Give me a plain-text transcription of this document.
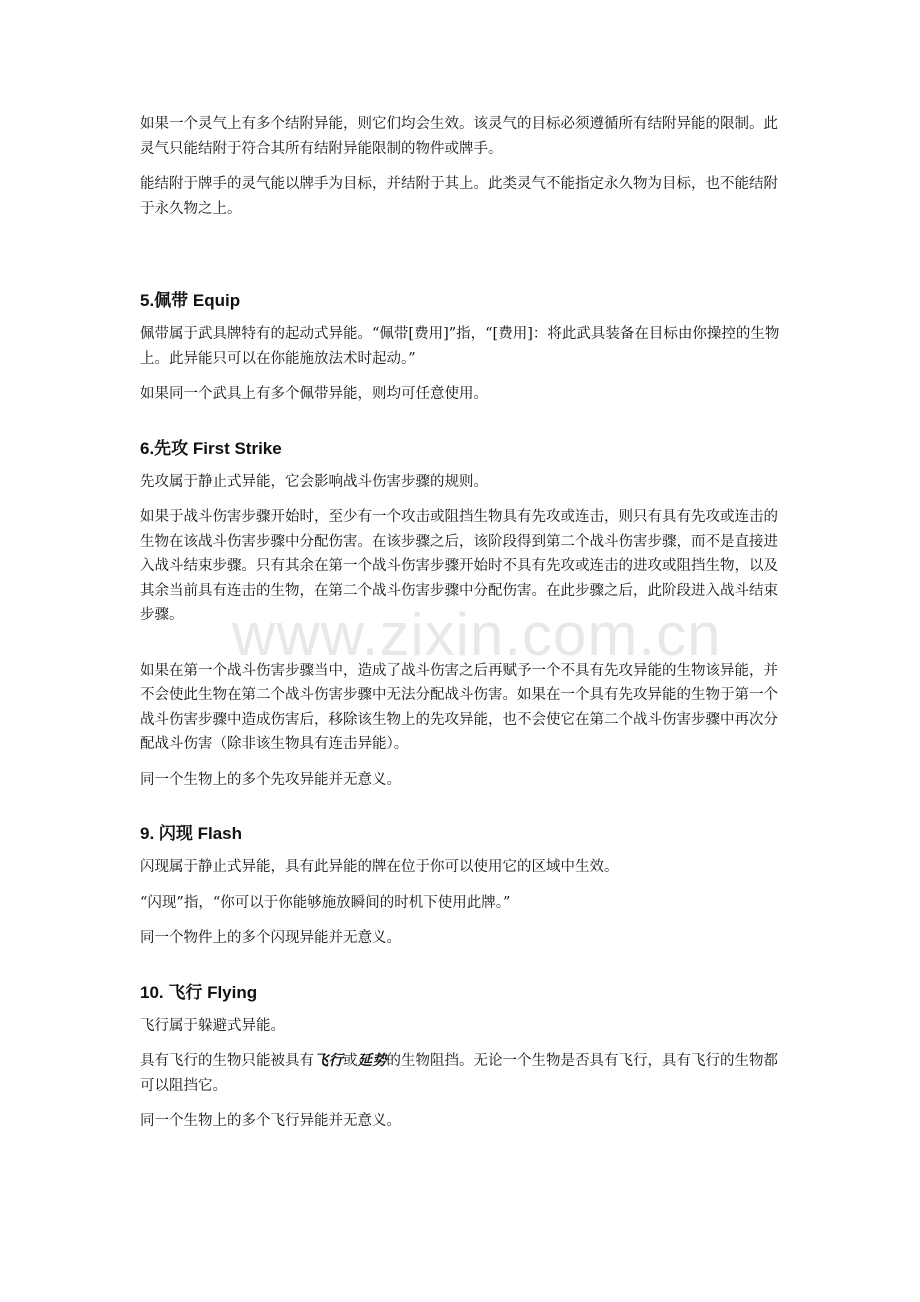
如果一个灵气上有多个结附异能，则它们均会生效。该灵气的目标必须遵循所有结附异能的限制。此灵气只能结附于符合其所有结附异能限制的物件或牌手。

能结附于牌手的灵气能以牌手为目标，并结附于其上。此类灵气不能指定永久物为目标，也不能结附于永久物之上。

5.佩带 Equip

佩带属于武具牌特有的起动式异能。“佩带[费用]”指，“[费用]：将此武具装备在目标由你操控的生物上。此异能只可以在你能施放法术时起动。”

如果同一个武具上有多个佩带异能，则均可任意使用。

6.先攻 First Strike

先攻属于静止式异能，它会影响战斗伤害步骤的规则。

如果于战斗伤害步骤开始时，至少有一个攻击或阻挡生物具有先攻或连击，则只有具有先攻或连击的生物在该战斗伤害步骤中分配伤害。在该步骤之后，该阶段得到第二个战斗伤害步骤，而不是直接进入战斗结束步骤。只有其余在第一个战斗伤害步骤开始时不具有先攻或连击的进攻或阻挡生物，以及其余当前具有连击的生物，在第二个战斗伤害步骤中分配伤害。在此步骤之后，此阶段进入战斗结束步骤。

如果在第一个战斗伤害步骤当中，造成了战斗伤害之后再赋予一个不具有先攻异能的生物该异能，并不会使此生物在第二个战斗伤害步骤中无法分配战斗伤害。如果在一个具有先攻异能的生物于第一个战斗伤害步骤中造成伤害后，移除该生物上的先攻异能，也不会使它在第二个战斗伤害步骤中再次分配战斗伤害（除非该生物具有连击异能）。

同一个生物上的多个先攻异能并无意义。

9. 闪现 Flash

闪现属于静止式异能，具有此异能的牌在位于你可以使用它的区域中生效。

“闪现”指，“你可以于你能够施放瞬间的时机下使用此牌。”

同一个物件上的多个闪现异能并无意义。

10. 飞行 Flying

飞行属于躲避式异能。

具有飞行的生物只能被具有飞行或延势的生物阻挡。无论一个生物是否具有飞行，具有飞行的生物都可以阻挡它。

同一个生物上的多个飞行异能并无意义。

www.zixin.com.cn
